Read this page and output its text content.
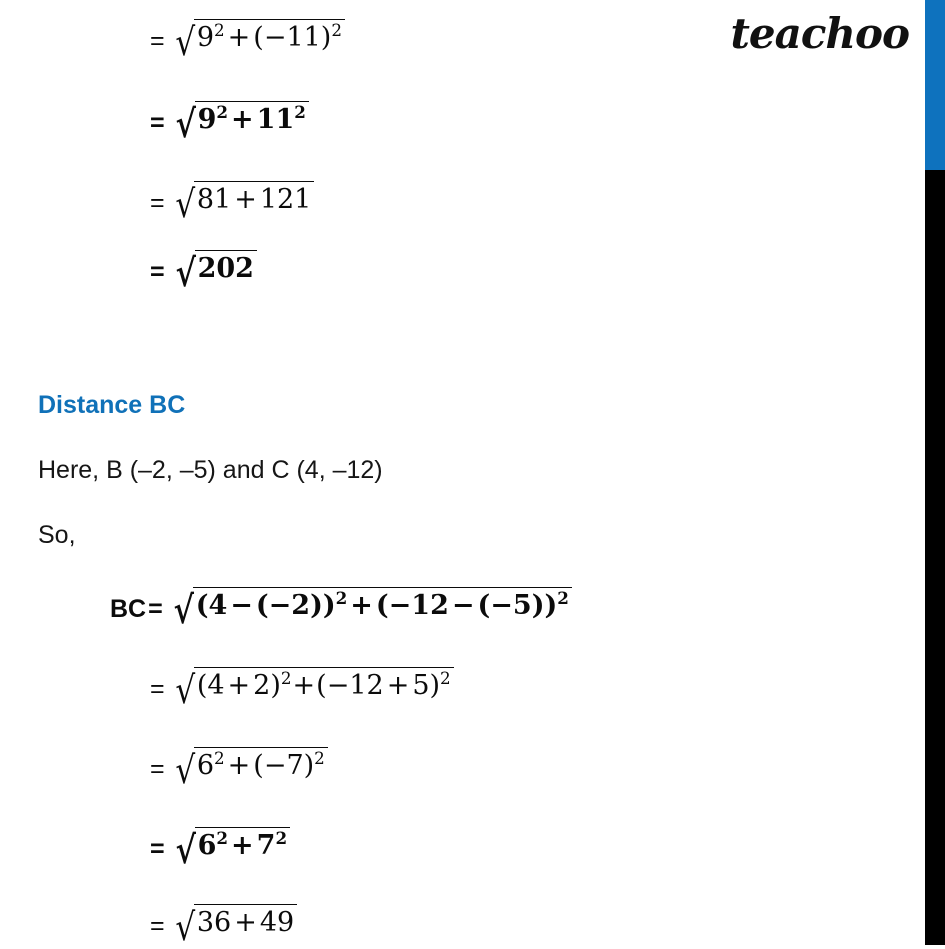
teachoo
= $√9^2 + (-11)^2$
= $√9^2 + 11^2$
= √81 + 121
= √202
Distance BC
Here, B (–2, –5) and C (4, –12)
So,
$BC= √(4 - (-2))^2 + (-12 - (-5))^2$
= $√(4 + 2)^2+(-12 + 5)^2$
= $√6^2 + (-7)^2$
= $√6^2 + 7^2$
= √36 + 49
